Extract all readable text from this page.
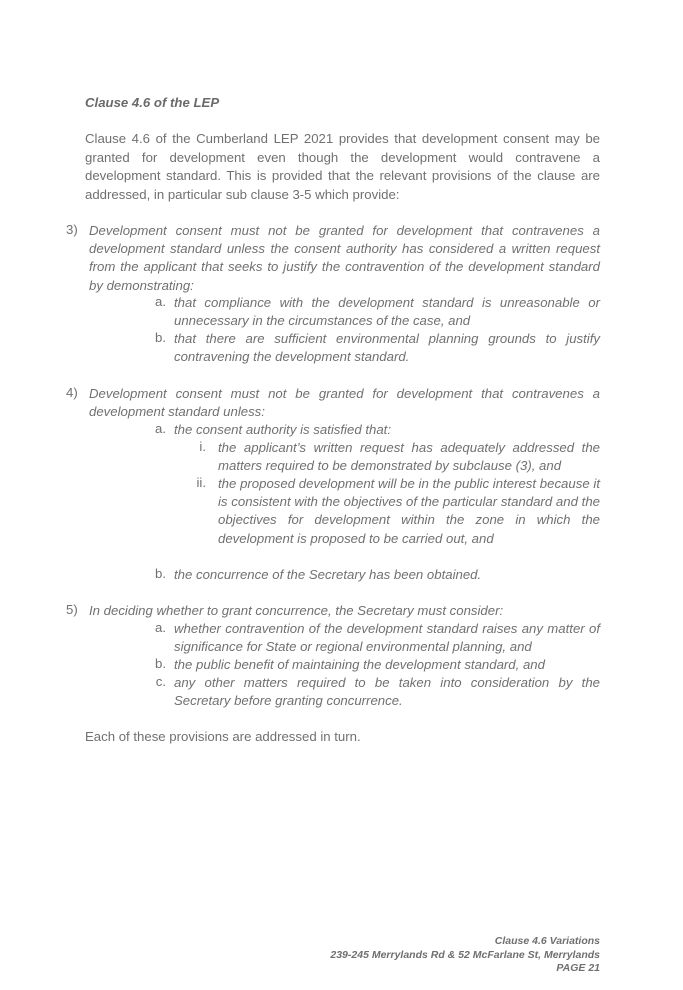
Clause 4.6 of the LEP
Clause 4.6 of the Cumberland LEP 2021 provides that development consent may be granted for development even though the development would contravene a development standard. This is provided that the relevant provisions of the clause are addressed, in particular sub clause 3-5 which provide:
3) Development consent must not be granted for development that contravenes a development standard unless the consent authority has considered a written request from the applicant that seeks to justify the contravention of the development standard by demonstrating:
a. that compliance with the development standard is unreasonable or unnecessary in the circumstances of the case, and
b. that there are sufficient environmental planning grounds to justify contravening the development standard.
4) Development consent must not be granted for development that contravenes a development standard unless:
a. the consent authority is satisfied that:
i. the applicant’s written request has adequately addressed the matters required to be demonstrated by subclause (3), and
ii. the proposed development will be in the public interest because it is consistent with the objectives of the particular standard and the objectives for development within the zone in which the development is proposed to be carried out, and
b. the concurrence of the Secretary has been obtained.
5) In deciding whether to grant concurrence, the Secretary must consider:
a. whether contravention of the development standard raises any matter of significance for State or regional environmental planning, and
b. the public benefit of maintaining the development standard, and
c. any other matters required to be taken into consideration by the Secretary before granting concurrence.
Each of these provisions are addressed in turn.
Clause 4.6 Variations
239-245 Merrylands Rd & 52 McFarlane St, Merrylands
PAGE 21
